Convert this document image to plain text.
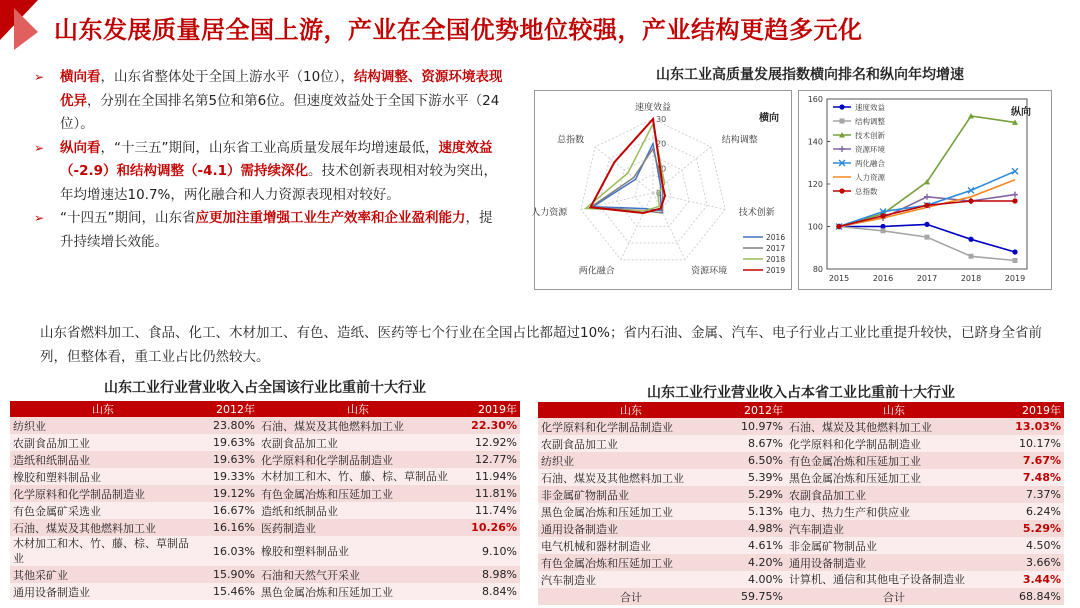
山东发展质量居全国上游，产业在全国优势地位较强，产业结构更趋多元化
➢ 横向看，山东省整体处于全国上游水平（10位），结构调整、资源环境表现优异，分别在全国排名第5位和第6位。但速度效益处于全国下游水平（24位）。
➢ 纵向看，“十三五”期间，山东省工业高质量发展年均增速最低，速度效益（-2.9）和结构调整（-4.1）需持续深化。技术创新表现相对较为突出，年均增速达10.7%，两化融合和人力资源表现相对较好。
➢ “十四五”期间，山东省应更加注重增强工业生产效率和企业盈利能力，提升持续增长效能。
山东工业高质量发展指数横向排名和纵向年均增速
速度效益
结构调整
技术创新
资源环境
两化融合
人力资源
总指数
30
20
10
0
横向
2016
2017
2018
2019	80
100
120
140
160
2015	2016	2017	2018	2019
纵向
速度效益
结构调整
技术创新
资源环境
两化融合
人力资源
总指数
山东省燃料加工、食品、化工、木材加工、有色、造纸、医药等七个行业在全国占比都超过10%；省内石油、金属、汽车、电子行业占工业比重提升较快，已跻身全省前列，但整体看，重工业占比仍然较大。
山东工业行业营业收入占全国该行业比重前十大行业
山东	2012年	山东	2019年
纺织业	23.80%	石油、煤炭及其他燃料加工业	22.30%
农副食品加工业	19.63%	农副食品加工业	12.92%
造纸和纸制品业	19.63%	化学原料和化学制品制造业	12.77%
橡胶和塑料制品业	19.33%	木材加工和木、竹、藤、棕、草制品业	11.94%
化学原料和化学制品制造业	19.12%	有色金属冶炼和压延加工业	11.81%
有色金属矿采选业	16.67%	造纸和纸制品业	11.74%
石油、煤炭及其他燃料加工业	16.16%	医药制造业	10.26%
木材加工和木、竹、藤、棕、草制品业	16.03%	橡胶和塑料制品业	9.10%
其他采矿业	15.90%	石油和天然气开采业	8.98%
通用设备制造业	15.46%	黑色金属冶炼和压延加工业	8.84%
山东工业行业营业收入占本省工业比重前十大行业
山东	2012年	山东	2019年
化学原料和化学制品制造业	10.97%	石油、煤炭及其他燃料加工业	13.03%
农副食品加工业	8.67%	化学原料和化学制品制造业	10.17%
纺织业	6.50%	有色金属冶炼和压延加工业	7.67%
石油、煤炭及其他燃料加工业	5.39%	黑色金属冶炼和压延加工业	7.48%
非金属矿物制品业	5.29%	农副食品加工业	7.37%
黑色金属冶炼和压延加工业	5.13%	电力、热力生产和供应业	6.24%
通用设备制造业	4.98%	汽车制造业	5.29%
电气机械和器材制造业	4.61%	非金属矿物制品业	4.50%
有色金属冶炼和压延加工业	4.20%	通用设备制造业	3.66%
汽车制造业	4.00%	计算机、通信和其他电子设备制造业	3.44%
合计	59.75%	合计	68.84%
